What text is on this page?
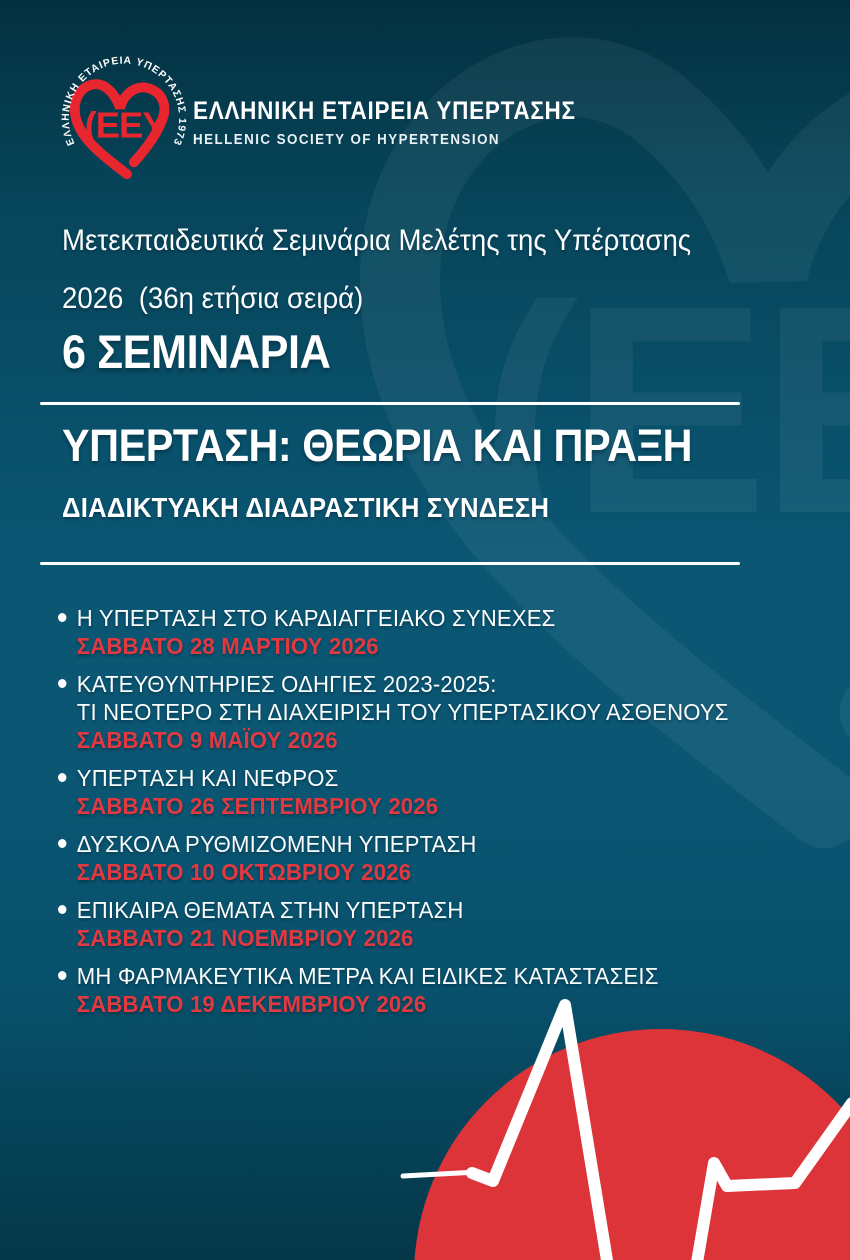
ΕΛΛΗΝΙΚΗ ΕΤΑΙΡΕΙΑ ΥΠΕΡΤΑΣΗΣ 1973
ΕΛΛΗΝΙΚΗ ΕΤΑΙΡΕΙΑ ΥΠΕΡΤΑΣΗΣ
HELLENIC SOCIETY OF HYPERTENSION
Μετεκπαιδευτικά Σεμινάρια Μελέτης της Υπέρτασης
2026  (36η ετήσια σειρά)
6 ΣΕΜΙΝΑΡΙΑ
ΥΠΕΡΤΑΣΗ: ΘΕΩΡΙΑ ΚΑΙ ΠΡΑΞΗ
ΔΙΑΔΙΚΤΥΑΚΗ ΔΙΑΔΡΑΣΤΙΚΗ ΣΥΝΔΕΣΗ
Η ΥΠΕΡΤΑΣΗ ΣΤΟ ΚΑΡΔΙΑΓΓΕΙΑΚΟ ΣΥΝΕΧΕΣ
ΣΑΒΒΑΤΟ 28 ΜΑΡΤΙΟΥ 2026
ΚΑΤΕΥΘΥΝΤΗΡΙΕΣ ΟΔΗΓΙΕΣ 2023-2025:
ΤΙ ΝΕΟΤΕΡΟ ΣΤΗ ΔΙΑΧΕΙΡΙΣΗ ΤΟΥ ΥΠΕΡΤΑΣΙΚΟΥ ΑΣΘΕΝΟΥΣ
ΣΑΒΒΑΤΟ 9 ΜΑΪΟΥ 2026
ΥΠΕΡΤΑΣΗ ΚΑΙ ΝΕΦΡΟΣ
ΣΑΒΒΑΤΟ 26 ΣΕΠΤΕΜΒΡΙΟΥ 2026
ΔΥΣΚΟΛΑ ΡΥΘΜΙΖΟΜΕΝΗ ΥΠΕΡΤΑΣΗ
ΣΑΒΒΑΤΟ 10 ΟΚΤΩΒΡΙΟΥ 2026
ΕΠΙΚΑΙΡΑ ΘΕΜΑΤΑ ΣΤΗΝ ΥΠΕΡΤΑΣΗ
ΣΑΒΒΑΤΟ 21 ΝΟΕΜΒΡΙΟΥ 2026
ΜΗ ΦΑΡΜΑΚΕΥΤΙΚΑ ΜΕΤΡΑ ΚΑΙ ΕΙΔΙΚΕΣ ΚΑΤΑΣΤΑΣΕΙΣ
ΣΑΒΒΑΤΟ 19 ΔΕΚΕΜΒΡΙΟΥ 2026
